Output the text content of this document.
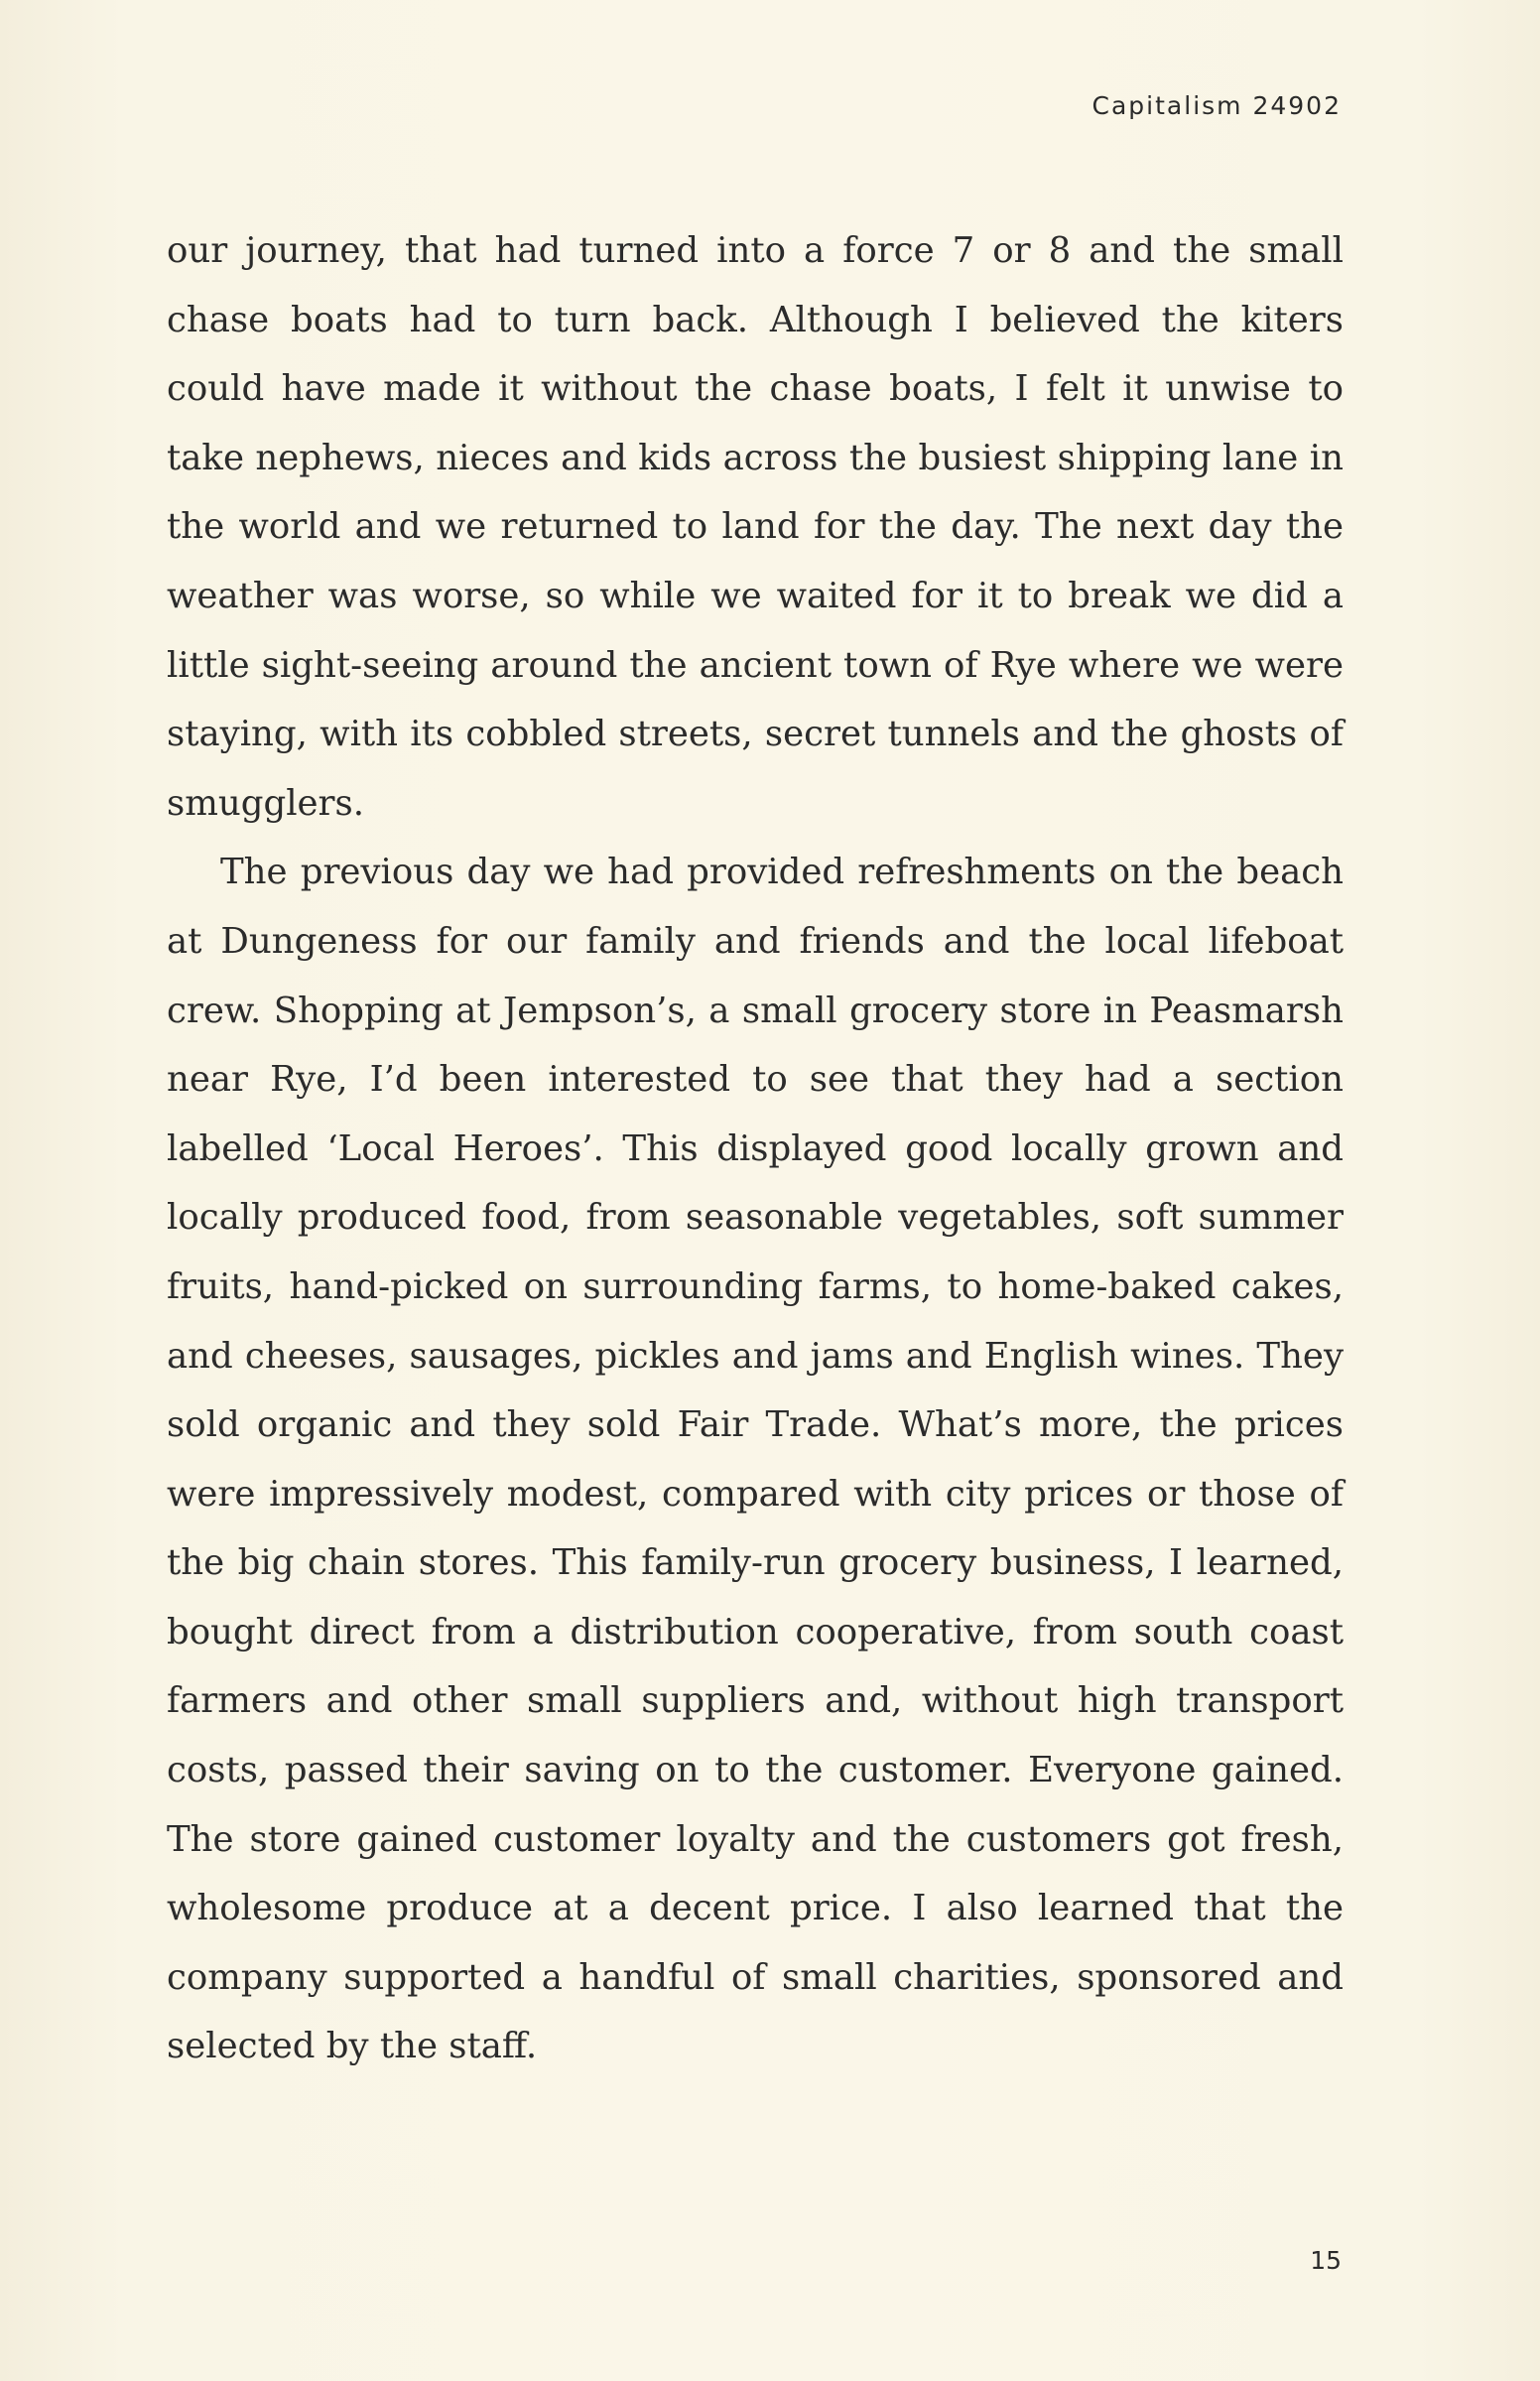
Capitalism 24902

our journey, that had turned into a force 7 or 8 and the small chase boats had to turn back. Although I believed the kiters could have made it without the chase boats, I felt it unwise to take nephews, nieces and kids across the busiest shipping lane in the world and we returned to land for the day. The next day the weather was worse, so while we waited for it to break we did a little sight-seeing around the ancient town of Rye where we were staying, with its cobbled streets, secret tunnels and the ghosts of smugglers.

The previous day we had provided refreshments on the beach at Dungeness for our family and friends and the local lifeboat crew. Shopping at Jempson’s, a small grocery store in Peasmarsh near Rye, I’d been interested to see that they had a section labelled ‘Local Heroes’. This displayed good locally grown and locally produced food, from seasonable vegetables, soft summer fruits, hand-picked on surrounding farms, to home-baked cakes, and cheeses, sausages, pickles and jams and English wines. They sold organic and they sold Fair Trade. What’s more, the prices were impressively modest, compared with city prices or those of the big chain stores. This family-run grocery business, I learned, bought direct from a distribution cooperative, from south coast farmers and other small suppliers and, without high transport costs, passed their saving on to the customer. Everyone gained. The store gained customer loyalty and the customers got fresh, wholesome produce at a decent price. I also learned that the company supported a handful of small charities, sponsored and selected by the staff.

15
